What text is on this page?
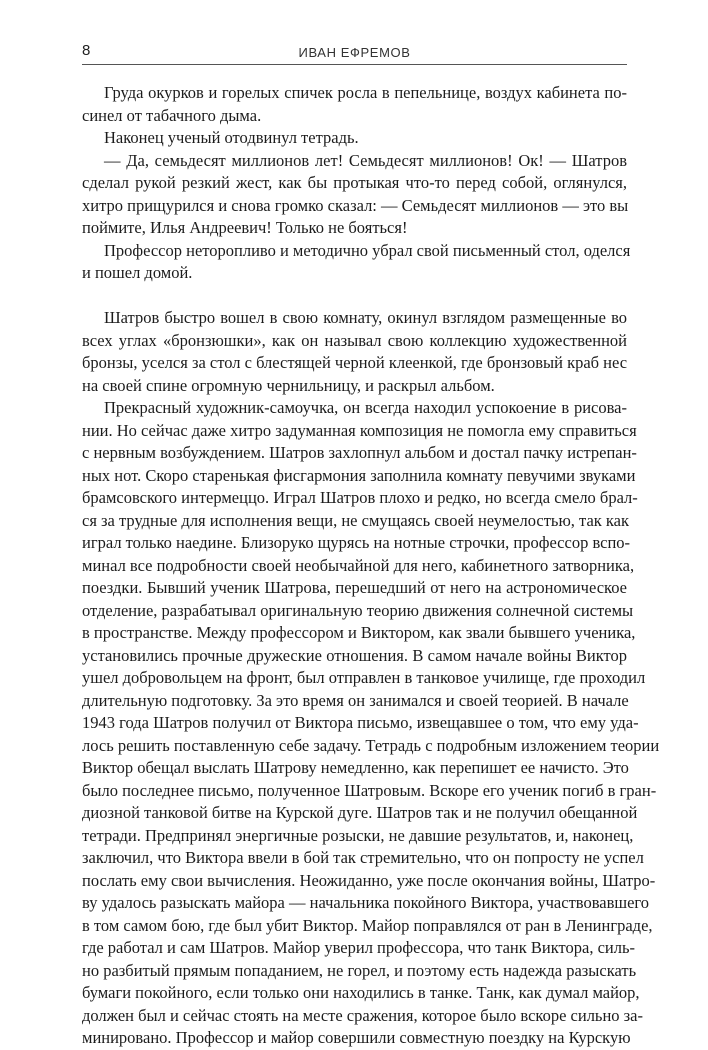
8	ИВАН ЕФРЕМОВ
Груда окурков и горелых спичек росла в пепельнице, воздух кабинета по-
синел от табачного дыма.
Наконец ученый отодвинул тетрадь.
— Да, семьдесят миллионов лет! Семьдесят миллионов! Ок! — Шатров
сделал рукой резкий жест, как бы протыкая что-то перед собой, оглянулся,
хитро прищурился и снова громко сказал: — Семьдесят миллионов — это вы
поймите, Илья Андреевич! Только не бояться!
Профессор неторопливо и методично убрал свой письменный стол, оделся
и пошел домой.
Шатров быстро вошел в свою комнату, окинул взглядом размещенные во
всех углах «бронзюшки», как он называл свою коллекцию художественной
бронзы, уселся за стол с блестящей черной клеенкой, где бронзовый краб нес
на своей спине огромную чернильницу, и раскрыл альбом.
Прекрасный художник-самоучка, он всегда находил успокоение в рисова-
нии. Но сейчас даже хитро задуманная композиция не помогла ему справиться
с нервным возбуждением. Шатров захлопнул альбом и достал пачку истрепан-
ных нот. Скоро старенькая фисгармония заполнила комнату певучими звуками
брамсовского интермеццо. Играл Шатров плохо и редко, но всегда смело брал-
ся за трудные для исполнения вещи, не смущаясь своей неумелостью, так как
играл только наедине. Близоруко щурясь на нотные строчки, профессор вспо-
минал все подробности своей необычайной для него, кабинетного затворника,
поездки. Бывший ученик Шатрова, перешедший от него на астрономическое
отделение, разрабатывал оригинальную теорию движения солнечной системы
в пространстве. Между профессором и Виктором, как звали бывшего ученика,
установились прочные дружеские отношения. В самом начале войны Виктор
ушел добровольцем на фронт, был отправлен в танковое училище, где проходил
длительную подготовку. За это время он занимался и своей теорией. В начале
1943 года Шатров получил от Виктора письмо, извещавшее о том, что ему уда-
лось решить поставленную себе задачу. Тетрадь с подробным изложением теории
Виктор обещал выслать Шатрову немедленно, как перепишет ее начисто. Это
было последнее письмо, полученное Шатровым. Вскоре его ученик погиб в гран-
диозной танковой битве на Курской дуге. Шатров так и не получил обещанной
тетради. Предпринял энергичные розыски, не давшие результатов, и, наконец,
заключил, что Виктора ввели в бой так стремительно, что он попросту не успел
послать ему свои вычисления. Неожиданно, уже после окончания войны, Шатро-
ву удалось разыскать майора — начальника покойного Виктора, участвовавшего
в том самом бою, где был убит Виктор. Майор поправлялся от ран в Ленинграде,
где работал и сам Шатров. Майор уверил профессора, что танк Виктора, силь-
но разбитый прямым попаданием, не горел, и поэтому есть надежда разыскать
бумаги покойного, если только они находились в танке. Танк, как думал майор,
должен был и сейчас стоять на месте сражения, которое было вскоре сильно за-
минировано. Профессор и майор совершили совместную поездку на Курскую
